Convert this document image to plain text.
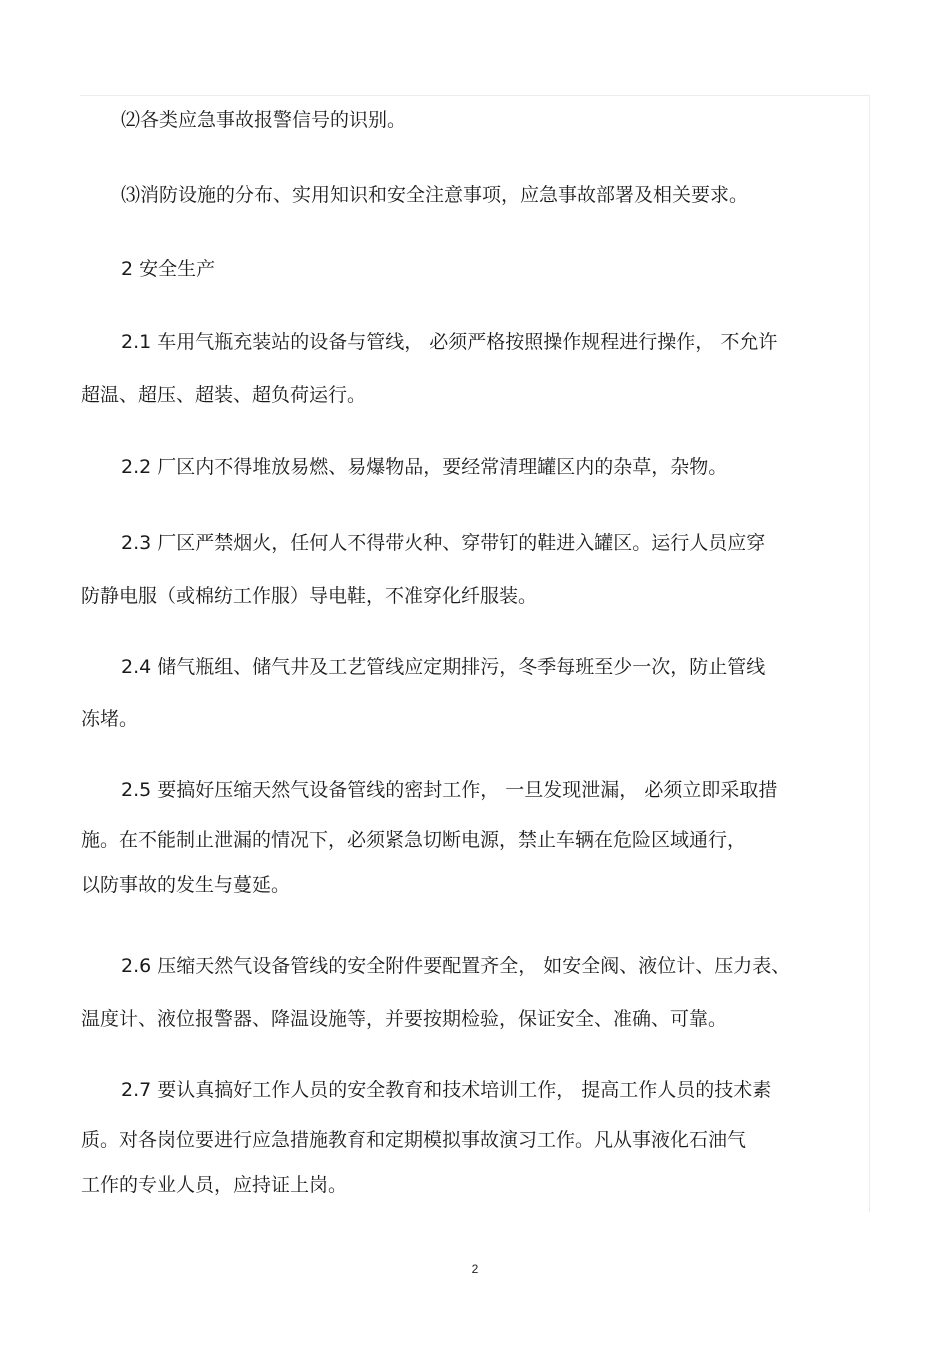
⑵各类应急事故报警信号的识别。
⑶消防设施的分布、实用知识和安全注意事项，应急事故部署及相关要求。
2 安全生产
2.1 车用气瓶充装站的设备与管线， 必须严格按照操作规程进行操作， 不允许
超温、超压、超装、超负荷运行。
2.2 厂区内不得堆放易燃、易爆物品，要经常清理罐区内的杂草，杂物。
2.3 厂区严禁烟火，任何人不得带火种、穿带钉的鞋进入罐区。运行人员应穿
防静电服（或棉纺工作服）导电鞋，不准穿化纤服装。
2.4 储气瓶组、储气井及工艺管线应定期排污，冬季每班至少一次，防止管线
冻堵。
2.5 要搞好压缩天然气设备管线的密封工作， 一旦发现泄漏， 必须立即采取措
施。在不能制止泄漏的情况下，必须紧急切断电源，禁止车辆在危险区域通行，
以防事故的发生与蔓延。
2.6 压缩天然气设备管线的安全附件要配置齐全， 如安全阀、液位计、压力表、
温度计、液位报警器、降温设施等，并要按期检验，保证安全、准确、可靠。
2.7 要认真搞好工作人员的安全教育和技术培训工作， 提高工作人员的技术素
质。对各岗位要进行应急措施教育和定期模拟事故演习工作。凡从事液化石油气
工作的专业人员，应持证上岗。
2
